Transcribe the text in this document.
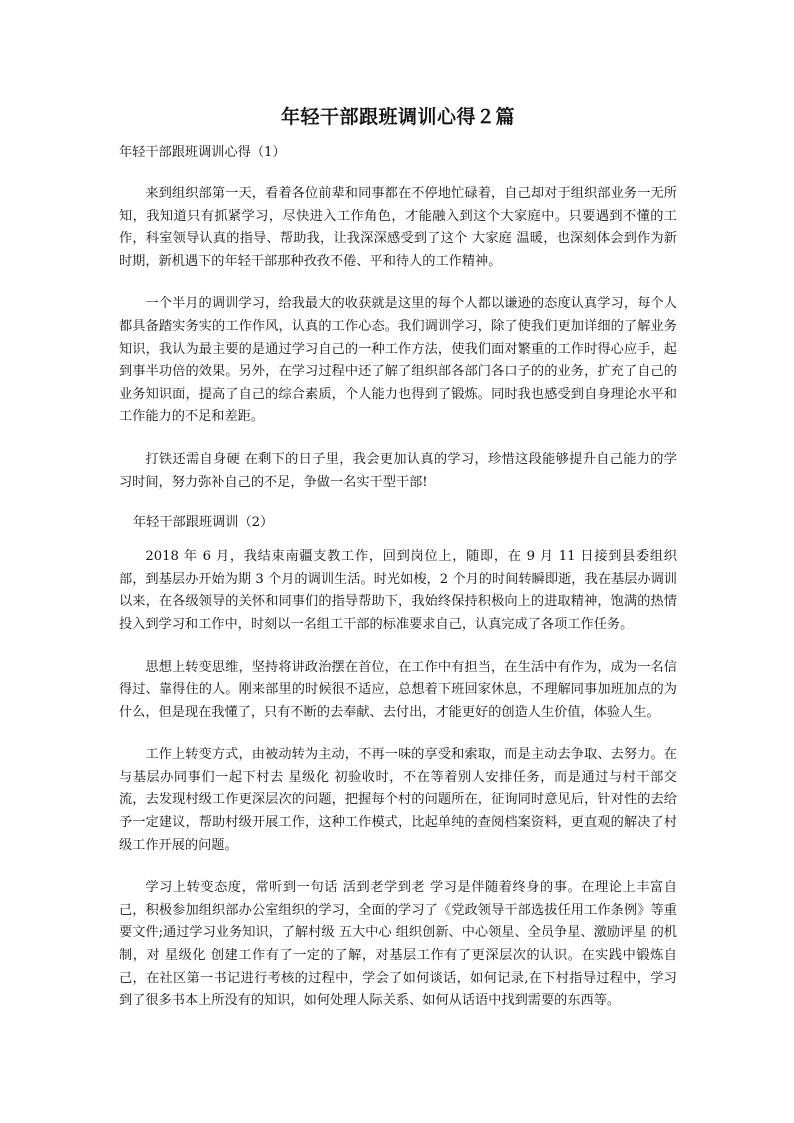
年轻干部跟班调训心得２篇
年轻干部跟班调训心得（1）

来到组织部第一天，看着各位前辈和同事都在不停地忙碌着，自己却对于组织部业务一无所知，我知道只有抓紧学习，尽快进入工作角色，才能融入到这个大家庭中。只要遇到不懂的工作，科室领导认真的指导、帮助我，让我深深感受到了这个 大家庭 温暖，也深刻体会到作为新时期，新机遇下的年轻干部那种孜孜不倦、平和待人的工作精神。

一个半月的调训学习，给我最大的收获就是这里的每个人都以谦逊的态度认真学习，每个人都具备踏实务实的工作作风，认真的工作心态。我们调训学习，除了使我们更加详细的了解业务知识，我认为最主要的是通过学习自己的一种工作方法，使我们面对繁重的工作时得心应手，起到事半功倍的效果。另外，在学习过程中还了解了组织部各部门各口子的的业务，扩充了自己的业务知识面，提高了自己的综合素质，个人能力也得到了锻炼。同时我也感受到自身理论水平和工作能力的不足和差距。

打铁还需自身硬 在剩下的日子里，我会更加认真的学习，珍惜这段能够提升自己能力的学习时间，努力弥补自己的不足，争做一名实干型干部!

年轻干部跟班调训（2）

2018 年 6 月，我结束南疆支教工作，回到岗位上，随即，在 9 月 11 日接到县委组织部，到基层办开始为期 3 个月的调训生活。时光如梭，2 个月的时间转瞬即逝，我在基层办调训以来，在各级领导的关怀和同事们的指导帮助下，我始终保持积极向上的进取精神，饱满的热情投入到学习和工作中，时刻以一名组工干部的标准要求自己，认真完成了各项工作任务。

思想上转变思维，坚持将讲政治摆在首位，在工作中有担当，在生活中有作为，成为一名信得过、靠得住的人。刚来部里的时候很不适应，总想着下班回家休息，不理解同事加班加点的为什么，但是现在我懂了，只有不断的去奉献、去付出，才能更好的创造人生价值，体验人生。

工作上转变方式，由被动转为主动，不再一味的享受和索取，而是主动去争取、去努力。在与基层办同事们一起下村去 星级化 初验收时，不在等着别人安排任务，而是通过与村干部交流，去发现村级工作更深层次的问题，把握每个村的问题所在，征询同时意见后，针对性的去给予一定建议，帮助村级开展工作，这种工作模式，比起单纯的查阅档案资料，更直观的解决了村级工作开展的问题。

学习上转变态度，常听到一句话 活到老学到老 学习是伴随着终身的事。在理论上丰富自己，积极参加组织部办公室组织的学习，全面的学习了《党政领导干部选拔任用工作条例》等重要文件;通过学习业务知识，了解村级 五大中心 组织创新、中心领星、全员争星、激励评星 的机制，对 星级化 创建工作有了一定的了解，对基层工作有了更深层次的认识。在实践中锻炼自己，在社区第一书记进行考核的过程中，学会了如何谈话，如何记录,在下村指导过程中，学习到了很多书本上所没有的知识，如何处理人际关系、如何从话语中找到需要的东西等。
